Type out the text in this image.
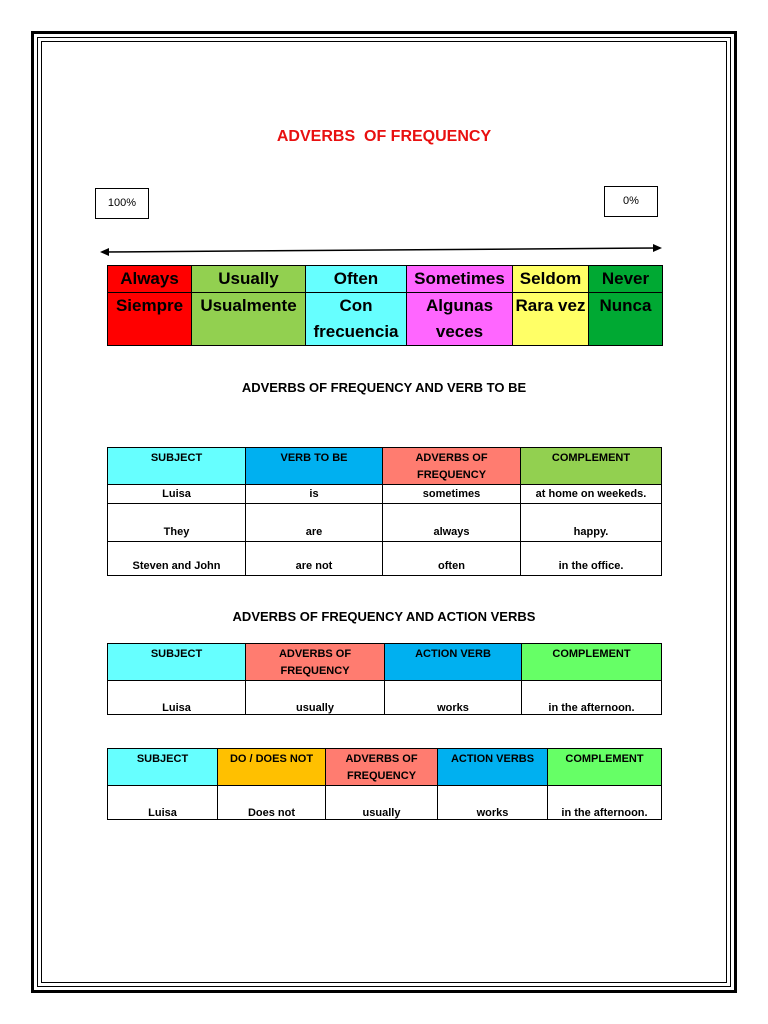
ADVERBS  OF FREQUENCY
100%	0%
Always	Usually	Often	Sometimes	Seldom	Never
Siempre	Usualmente	Con frecuencia	Algunas veces	Rara vez	Nunca
ADVERBS OF FREQUENCY AND VERB TO BE
SUBJECT	VERB TO BE	ADVERBS OF FREQUENCY	COMPLEMENT
Luisa	is	sometimes	at home on weekeds.
They	are	always	happy.
Steven and John	are not	often	in the office.
ADVERBS OF FREQUENCY AND ACTION VERBS
SUBJECT	ADVERBS OF FREQUENCY	ACTION VERB	COMPLEMENT
Luisa	usually	works	in the afternoon.
SUBJECT	DO / DOES NOT	ADVERBS OF FREQUENCY	ACTION VERBS	COMPLEMENT
Luisa	Does not	usually	works	in the afternoon.
